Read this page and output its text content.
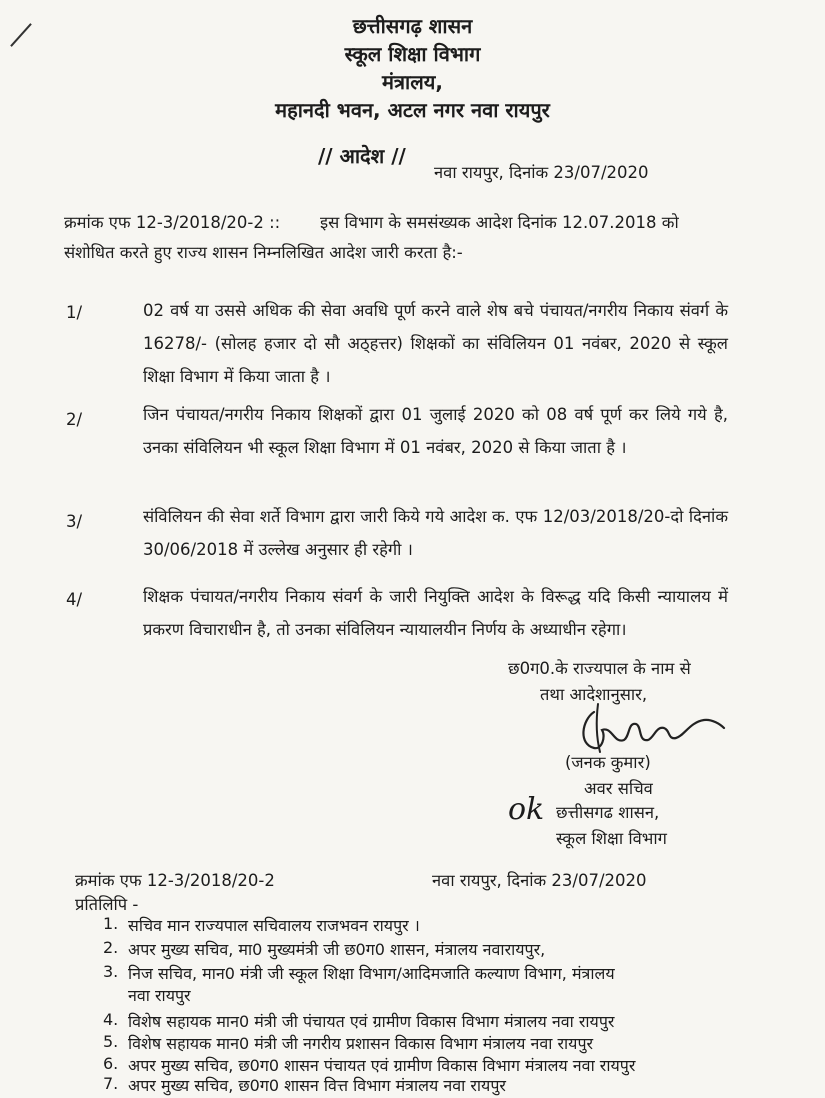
छत्तीसगढ़ शासन
स्कूल शिक्षा विभाग
मंत्रालय,
महानदी भवन, अटल नगर नवा रायपुर
// आदेश //
नवा रायपुर, दिनांक 23/07/2020
क्रमांक एफ 12-3/2018/20-2 :: इस विभाग के समसंख्यक आदेश दिनांक 12.07.2018 को
संशोधित करते हुए राज्य शासन निम्नलिखित आदेश जारी करता है:-
1/	02 वर्ष या उससे अधिक की सेवा अवधि पूर्ण करने वाले शेष बचे पंचायत/नगरीय निकाय संवर्ग के 16278/- (सोलह हजार दो सौ अठ्हत्तर) शिक्षकों का संविलियन 01 नवंबर, 2020 से स्कूल शिक्षा विभाग में किया जाता है ।
2/	जिन पंचायत/नगरीय निकाय शिक्षकों द्वारा 01 जुलाई 2020 को 08 वर्ष पूर्ण कर लिये गये है, उनका संविलियन भी स्कूल शिक्षा विभाग में 01 नवंबर, 2020 से किया जाता है ।
3/	संविलियन की सेवा शर्ते विभाग द्वारा जारी किये गये आदेश क. एफ 12/03/2018/20-दो दिनांक 30/06/2018 में उल्लेख अनुसार ही रहेगी ।
4/	शिक्षक पंचायत/नगरीय निकाय संवर्ग के जारी नियुक्ति आदेश के विरूद्ध यदि किसी न्यायालय में प्रकरण विचाराधीन है, तो उनका संविलियन न्यायालयीन निर्णय के अध्याधीन रहेगा।
छ0ग0.के राज्यपाल के नाम से
तथा आदेशानुसार,
(जनक कुमार)
अवर सचिव
ok छत्तीसगढ शासन,
स्कूल शिक्षा विभाग
क्रमांक एफ 12-3/2018/20-2	नवा रायपुर, दिनांक 23/07/2020
प्रतिलिपि -
1. सचिव मान राज्यपाल सचिवालय राजभवन रायपुर ।
2. अपर मुख्य सचिव, मा0 मुख्यमंत्री जी छ0ग0 शासन, मंत्रालय नवारायपुर,
3. निज सचिव, मान0 मंत्री जी स्कूल शिक्षा विभाग/आदिमजाति कल्याण विभाग, मंत्रालय
नवा रायपुर
4. विशेष सहायक मान0 मंत्री जी पंचायत एवं ग्रामीण विकास विभाग मंत्रालय नवा रायपुर
5. विशेष सहायक मान0 मंत्री जी नगरीय प्रशासन विकास विभाग मंत्रालय नवा रायपुर
6. अपर मुख्य सचिव, छ0ग0 शासन पंचायत एवं ग्रामीण विकास विभाग मंत्रालय नवा रायपुर
7. अपर मुख्य सचिव, छ0ग0 शासन वित्त विभाग मंत्रालय नवा रायपुर
